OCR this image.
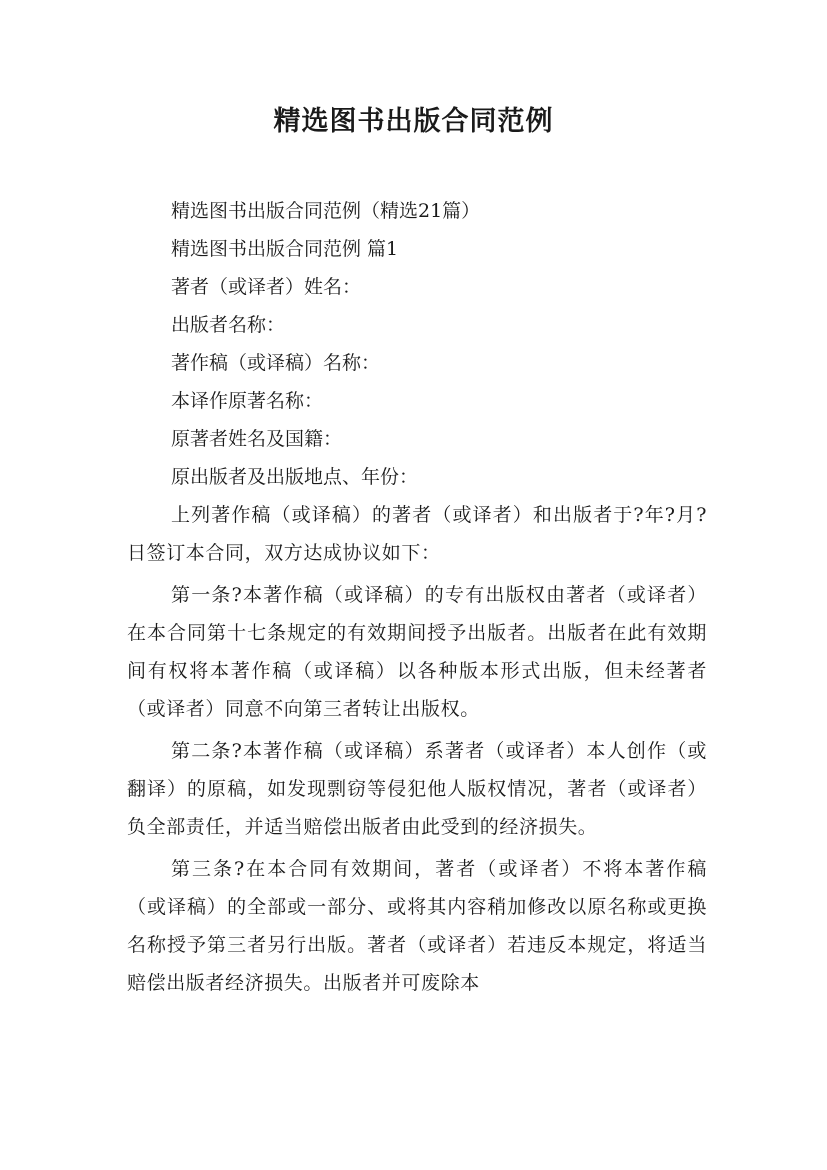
精选图书出版合同范例

精选图书出版合同范例（精选21篇）

精选图书出版合同范例 篇1

著者（或译者）姓名：

出版者名称：

著作稿（或译稿）名称：

本译作原著名称：

原著者姓名及国籍：

原出版者及出版地点、年份：

上列著作稿（或译稿）的著者（或译者）和出版者于?年?月?日签订本合同，双方达成协议如下：

第一条?本著作稿（或译稿）的专有出版权由著者（或译者）在本合同第十七条规定的有效期间授予出版者。出版者在此有效期间有权将本著作稿（或译稿）以各种版本形式出版，但未经著者（或译者）同意不向第三者转让出版权。

第二条?本著作稿（或译稿）系著者（或译者）本人创作（或翻译）的原稿，如发现剽窃等侵犯他人版权情况，著者（或译者）负全部责任，并适当赔偿出版者由此受到的经济损失。

第三条?在本合同有效期间，著者（或译者）不将本著作稿（或译稿）的全部或一部分、或将其内容稍加修改以原名称或更换名称授予第三者另行出版。著者（或译者）若违反本规定，将适当赔偿出版者经济损失。出版者并可废除本
